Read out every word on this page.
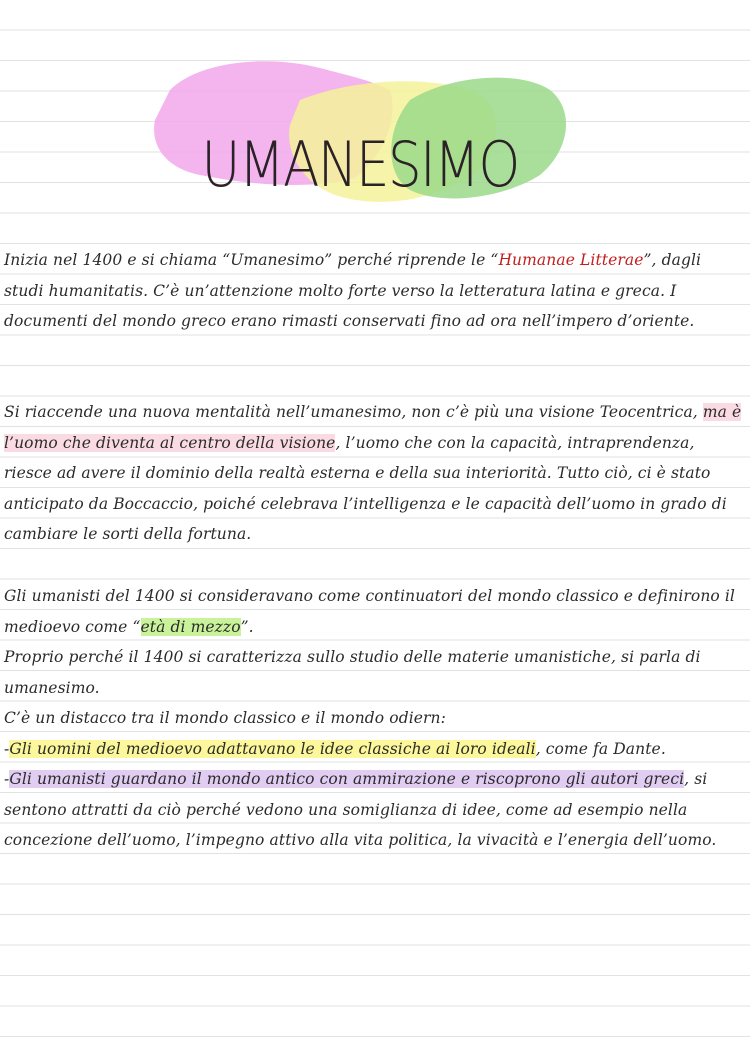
UMANESIMO

Inizia nel 1400 e si chiama “Umanesimo” perché riprende le “Humanae Litterae”, dagli studi humanitatis. C’è un’attenzione molto forte verso la letteratura latina e greca. I documenti del mondo greco erano rimasti conservati fino ad ora nell’impero d’oriente.

Si riaccende una nuova mentalità nell’umanesimo, non c’è più una visione Teocentrica, ma è l’uomo che diventa al centro della visione, l’uomo che con la capacità, intraprendenza, riesce ad avere il dominio della realtà esterna e della sua interiorità. Tutto ciò, ci è stato anticipato da Boccaccio, poiché celebrava l’intelligenza e le capacità dell’uomo in grado di cambiare le sorti della fortuna.

Gli umanisti del 1400 si consideravano come continuatori del mondo classico e definirono il medioevo come “età di mezzo”.

Proprio perché il 1400 si caratterizza sullo studio delle materie umanistiche, si parla di umanesimo.

C’è un distacco tra il mondo classico e il mondo odiern:

-Gli uomini del medioevo adattavano le idee classiche ai loro ideali, come fa Dante.

-Gli umanisti guardano il mondo antico con ammirazione e riscoprono gli autori greci, si sentono attratti da ciò perché vedono una somiglianza di idee, come ad esempio nella concezione dell’uomo, l’impegno attivo alla vita politica, la vivacità e l’energia dell’uomo.
